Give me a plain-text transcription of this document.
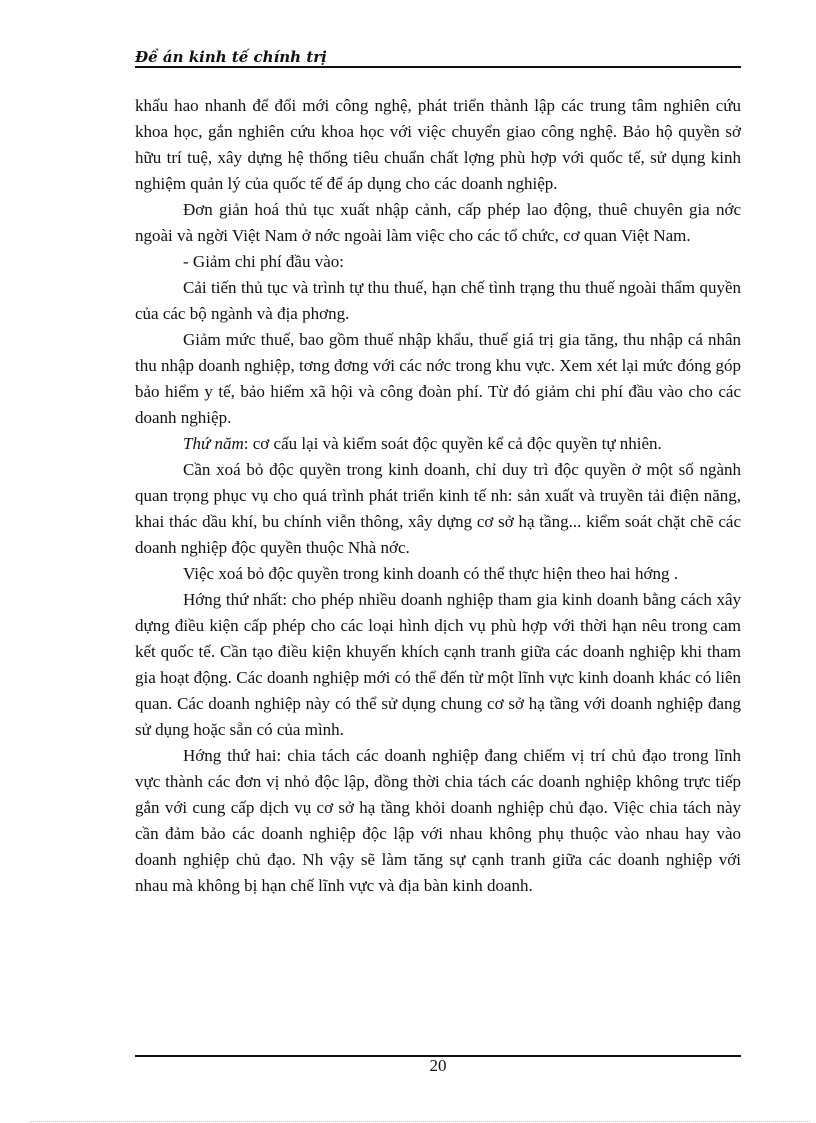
Đề án kinh tế chính trị

khấu hao nhanh để đổi mới công nghệ, phát triển thành lập các trung tâm nghiên cứu khoa học, gắn nghiên cứu khoa học với việc chuyển giao công nghệ. Bảo hộ quyền sở hữu trí tuệ, xây dựng hệ thống tiêu chuẩn chất lợng phù hợp với quốc tế, sử dụng kinh nghiệm quản lý của quốc tế để áp dụng cho các doanh nghiệp.

Đơn giản hoá thủ tục xuất nhập cảnh, cấp phép lao động, thuê chuyên gia nớc ngoài và ngời Việt Nam ở nớc ngoài làm việc cho các tổ chức, cơ quan Việt Nam.

- Giảm chi phí đầu vào:

Cải tiến thủ tục và trình tự thu thuế, hạn chế tình trạng thu thuế ngoài thẩm quyền của các bộ ngành và địa phơng.

Giảm mức thuế, bao gồm thuế nhập khẩu, thuế giá trị gia tăng, thu nhập cá nhân thu nhập doanh nghiệp, tơng đơng với các nớc trong khu vực. Xem xét lại mức đóng góp bảo hiểm y tế, bảo hiểm xã hội và công đoàn phí. Từ đó giảm chi phí đầu vào cho các doanh nghiệp.

Thứ năm: cơ cấu lại và kiểm soát độc quyền kể cả độc quyền tự nhiên.

Cần xoá bỏ độc quyền trong kinh doanh, chỉ duy trì độc quyền ở một số ngành quan trọng phục vụ cho quá trình phát triển kinh tế nh: sản xuất và truyền tải điện năng, khai thác dầu khí, bu chính viễn thông, xây dựng cơ sở hạ tầng... kiểm soát chặt chẽ các doanh nghiệp độc quyền thuộc Nhà nớc.

Việc xoá bỏ độc quyền trong kinh doanh có thể thực hiện theo hai hớng .

Hớng thứ nhất: cho phép nhiều doanh nghiệp tham gia kinh doanh bằng cách xây dựng điều kiện cấp phép cho các loại hình dịch vụ phù hợp với thời hạn nêu trong cam kết quốc tế. Cần tạo điều kiện khuyến khích cạnh tranh giữa các doanh nghiệp khi tham gia hoạt động. Các doanh nghiệp mới có thể đến từ một lĩnh vực kinh doanh khác có liên quan. Các doanh nghiệp này có thể sử dụng chung cơ sở hạ tầng với doanh nghiệp đang sử dụng hoặc sẵn có của mình.

Hớng thứ hai: chia tách các doanh nghiệp đang chiếm vị trí chủ đạo trong lĩnh vực thành các đơn vị nhỏ độc lập, đồng thời chia tách các doanh nghiệp không trực tiếp gắn với cung cấp dịch vụ cơ sở hạ tầng khỏi doanh nghiệp chủ đạo. Việc chia tách này cần đảm bảo các doanh nghiệp độc lập với nhau không phụ thuộc vào nhau hay vào doanh nghiệp chủ đạo. Nh vậy sẽ làm tăng sự cạnh tranh giữa các doanh nghiệp với nhau mà không bị hạn chế lĩnh vực và địa bàn kinh doanh.

20
